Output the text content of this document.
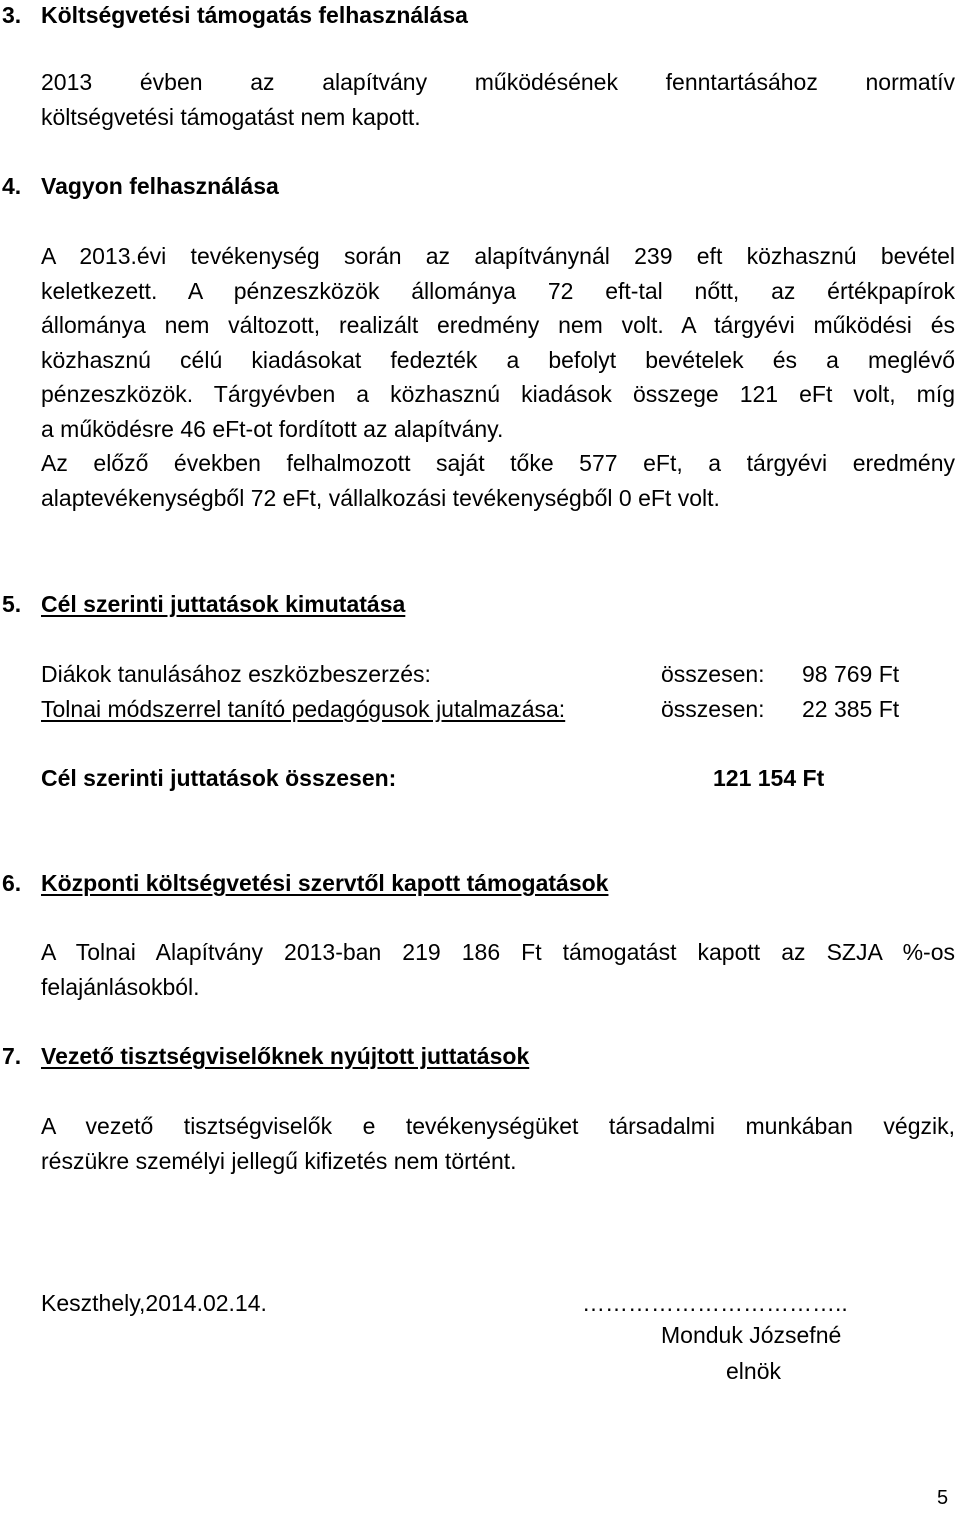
3. Költségvetési támogatás felhasználása
2013 évben az alapítvány működésének fenntartásához normatív
költségvetési támogatást nem kapott.
4. Vagyon felhasználása
A 2013.évi tevékenység során az alapítványnál 239 eft közhasznú bevétel
keletkezett. A pénzeszközök állománya 72 eft-tal nőtt, az értékpapírok
állománya nem változott, realizált eredmény nem volt. A tárgyévi működési és
közhasznú célú kiadásokat fedezték a befolyt bevételek és a meglévő
pénzeszközök. Tárgyévben a közhasznú kiadások összege 121 eFt volt, míg
a működésre 46 eFt-ot fordított az alapítvány.
Az előző években felhalmozott saját tőke 577 eFt, a tárgyévi eredmény
alaptevékenységből 72 eFt, vállalkozási tevékenységből 0 eFt volt.
5. Cél szerinti juttatások kimutatása
Diákok tanulásához eszközbeszerzés:	összesen: 98 769 Ft
Tolnai módszerrel tanító pedagógusok jutalmazása:	összesen: 22 385 Ft
Cél szerinti juttatások összesen:	121 154 Ft
6. Központi költségvetési szervtől kapott támogatások
A Tolnai Alapítvány 2013-ban 219 186 Ft támogatást kapott az SZJA %-os
felajánlásokból.
7. Vezető tisztségviselőknek nyújtott juttatások
A vezető tisztségviselők e tevékenységüket társadalmi munkában végzik,
részükre személyi jellegű kifizetés nem történt.
Keszthely,2014.02.14.	……………………………..
Monduk Józsefné
elnök
5
